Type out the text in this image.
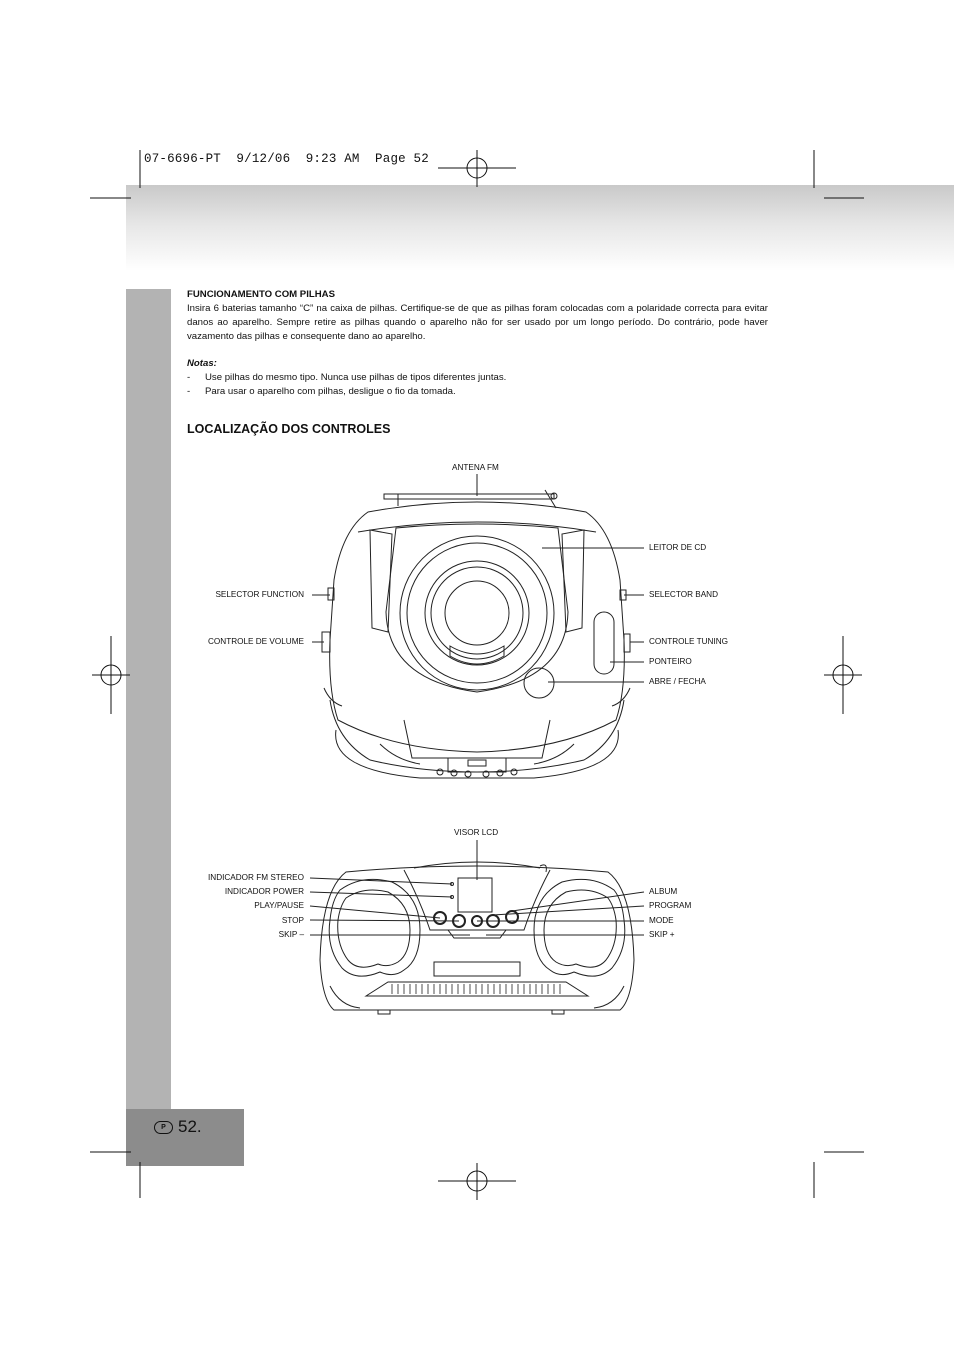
07-6696-PT  9/12/06  9:23 AM  Page 52
P 52.

FUNCIONAMENTO COM PILHAS

Insira 6 baterias tamanho “C” na caixa de pilhas. Certifique-se de que as pilhas foram colocadas com a polaridade correcta para evitar danos ao aparelho. Sempre retire as pilhas quando o aparelho não for ser usado por um longo período. Do contrário, pode haver vazamento das pilhas e consequente dano ao aparelho.

Notas:

-	Use pilhas do mesmo tipo. Nunca use pilhas de tipos diferentes juntas.
-	Para usar o aparelho com pilhas, desligue o fio da tomada.

LOCALIZAÇÃO DOS CONTROLES

ANTENA FM
LEITOR DE CD
SELECTOR FUNCTION	SELECTOR BAND
CONTROLE DE VOLUME	CONTROLE TUNING
PONTEIRO
ABRE / FECHA
VISOR LCD
INDICADOR FM STEREO
INDICADOR POWER
PLAY/PAUSE
STOP
SKIP –
ALBUM
PROGRAM
MODE
SKIP +
